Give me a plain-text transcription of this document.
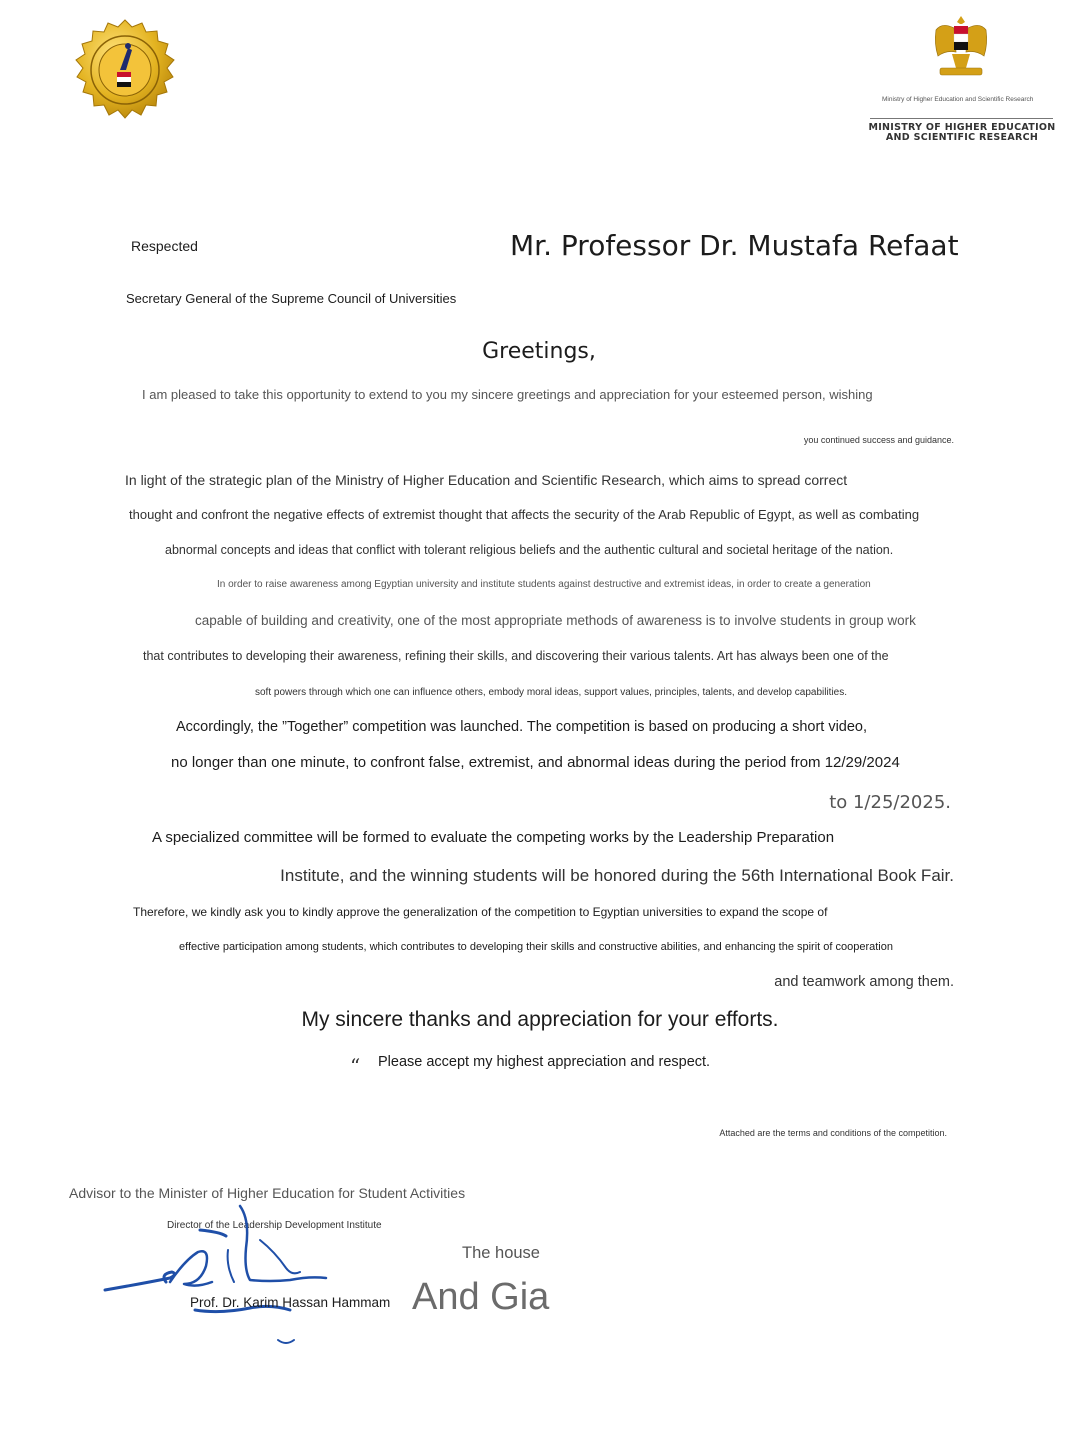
Ministry of Higher Education and Scientific Research
MINISTRY OF HIGHER EDUCATION AND SCIENTIFIC RESEARCH
Respected	Mr. Professor Dr. Mustafa Refaat
Secretary General of the Supreme Council of Universities
Greetings,
I am pleased to take this opportunity to extend to you my sincere greetings and appreciation for your esteemed person, wishing
you continued success and guidance.
In light of the strategic plan of the Ministry of Higher Education and Scientific Research, which aims to spread correct
thought and confront the negative effects of extremist thought that affects the security of the Arab Republic of Egypt, as well as combating
abnormal concepts and ideas that conflict with tolerant religious beliefs and the authentic cultural and societal heritage of the nation.
In order to raise awareness among Egyptian university and institute students against destructive and extremist ideas, in order to create a generation
capable of building and creativity, one of the most appropriate methods of awareness is to involve students in group work
that contributes to developing their awareness, refining their skills, and discovering their various talents. Art has always been one of the
soft powers through which one can influence others, embody moral ideas, support values, principles, talents, and develop capabilities.
Accordingly, the ”Together” competition was launched. The competition is based on producing a short video,
no longer than one minute, to confront false, extremist, and abnormal ideas during the period from 12/29/2024
to 1/25/2025.
A specialized committee will be formed to evaluate the competing works by the Leadership Preparation
Institute, and the winning students will be honored during the 56th International Book Fair.
Therefore, we kindly ask you to kindly approve the generalization of the competition to Egyptian universities to expand the scope of
effective participation among students, which contributes to developing their skills and constructive abilities, and enhancing the spirit of cooperation
and teamwork among them.
My sincere thanks and appreciation for your efforts.
“ Please accept my highest appreciation and respect.
Attached are the terms and conditions of the competition.
Advisor to the Minister of Higher Education for Student Activities
Director of the Leadership Development Institute
The house
Prof. Dr. Karim Hassan Hammam And Gia
